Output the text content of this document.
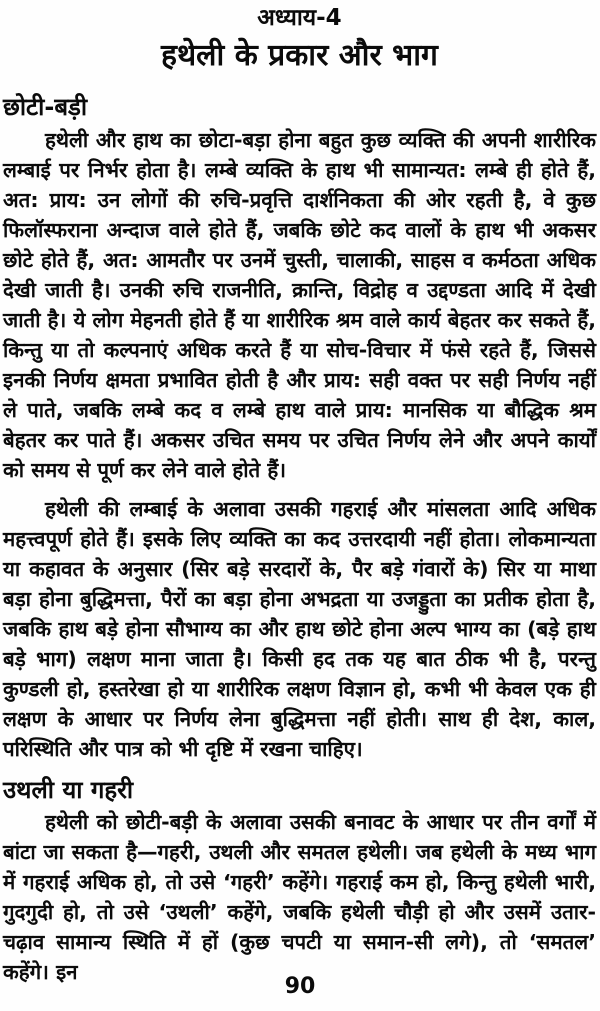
अध्याय-4
हथेली के प्रकार और भाग
छोटी-बड़ी

हथेली और हाथ का छोटा-बड़ा होना बहुत कुछ व्यक्ति की अपनी शारीरिक लम्बाई पर निर्भर होता है। लम्बे व्यक्ति के हाथ भी सामान्यत: लम्बे ही होते हैं, अत: प्राय: उन लोगों की रुचि-प्रवृत्ति दार्शनिकता की ओर रहती है, वे कुछ फिलॉस्फराना अन्दाज वाले होते हैं, जबकि छोटे कद वालों के हाथ भी अकसर छोटे होते हैं, अत: आमतौर पर उनमें चुस्ती, चालाकी, साहस व कर्मठता अधिक देखी जाती है। उनकी रुचि राजनीति, क्रान्ति, विद्रोह व उद्दण्डता आदि में देखी जाती है। ये लोग मेहनती होते हैं या शारीरिक श्रम वाले कार्य बेहतर कर सकते हैं, किन्तु या तो कल्पनाएं अधिक करते हैं या सोच-विचार में फंसे रहते हैं, जिससे इनकी निर्णय क्षमता प्रभावित होती है और प्राय: सही वक्त पर सही निर्णय नहीं ले पाते, जबकि लम्बे कद व लम्बे हाथ वाले प्राय: मानसिक या बौद्धिक श्रम बेहतर कर पाते हैं। अकसर उचित समय पर उचित निर्णय लेने और अपने कार्यों को समय से पूर्ण कर लेने वाले होते हैं।

हथेली की लम्बाई के अलावा उसकी गहराई और मांसलता आदि अधिक महत्त्वपूर्ण होते हैं। इसके लिए व्यक्ति का कद उत्तरदायी नहीं होता। लोकमान्यता या कहावत के अनुसार (सिर बड़े सरदारों के, पैर बड़े गंवारों के) सिर या माथा बड़ा होना बुद्धिमत्ता, पैरों का बड़ा होना अभद्रता या उजड्डुता का प्रतीक होता है, जबकि हाथ बड़े होना सौभाग्य का और हाथ छोटे होना अल्प भाग्य का (बड़े हाथ बड़े भाग) लक्षण माना जाता है। किसी हद तक यह बात ठीक भी है, परन्तु कुण्डली हो, हस्तरेखा हो या शारीरिक लक्षण विज्ञान हो, कभी भी केवल एक ही लक्षण के आधार पर निर्णय लेना बुद्धिमत्ता नहीं होती। साथ ही देश, काल, परिस्थिति और पात्र को भी दृष्टि में रखना चाहिए।

उथली या गहरी

हथेली को छोटी-बड़ी के अलावा उसकी बनावट के आधार पर तीन वर्गों में बांटा जा सकता है—गहरी, उथली और समतल हथेली। जब हथेली के मध्य भाग में गहराई अधिक हो, तो उसे ‘गहरी’ कहेंगे। गहराई कम हो, किन्तु हथेली भारी, गुदगुदी हो, तो उसे ‘उथली’ कहेंगे, जबकि हथेली चौड़ी हो और उसमें उतार-चढ़ाव सामान्य स्थिति में हों (कुछ चपटी या समान-सी लगे), तो ‘समतल’ कहेंगे। इन

90
